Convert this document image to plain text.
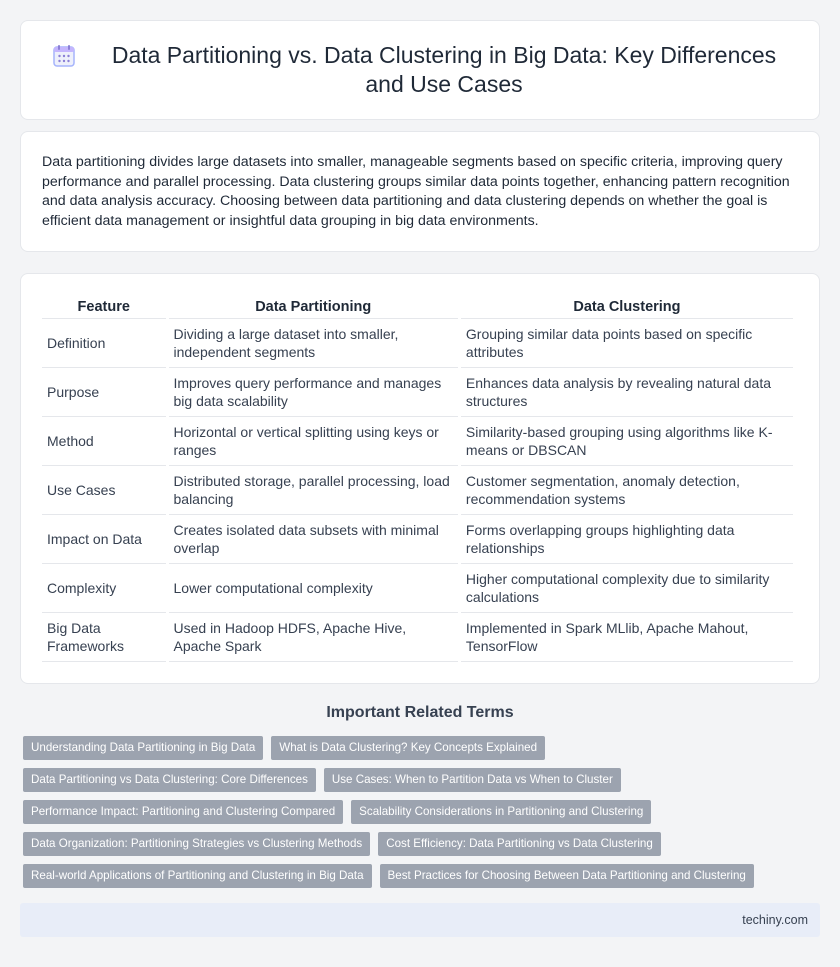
Data Partitioning vs. Data Clustering in Big Data: Key Differences and Use Cases

Data partitioning divides large datasets into smaller, manageable segments based on specific criteria, improving query performance and parallel processing. Data clustering groups similar data points together, enhancing pattern recognition and data analysis accuracy. Choosing between data partitioning and data clustering depends on whether the goal is efficient data management or insightful data grouping in big data environments.

Feature	Data Partitioning	Data Clustering
Definition	Dividing a large dataset into smaller, independent segments	Grouping similar data points based on specific attributes
Purpose	Improves query performance and manages big data scalability	Enhances data analysis by revealing natural data structures
Method	Horizontal or vertical splitting using keys or ranges	Similarity-based grouping using algorithms like K-means or DBSCAN
Use Cases	Distributed storage, parallel processing, load balancing	Customer segmentation, anomaly detection, recommendation systems
Impact on Data	Creates isolated data subsets with minimal overlap	Forms overlapping groups highlighting data relationships
Complexity	Lower computational complexity	Higher computational complexity due to similarity calculations
Big Data Frameworks	Used in Hadoop HDFS, Apache Hive, Apache Spark	Implemented in Spark MLlib, Apache Mahout, TensorFlow
Important Related Terms
Understanding Data Partitioning in Big Data	What is Data Clustering? Key Concepts Explained
Data Partitioning vs Data Clustering: Core Differences	Use Cases: When to Partition Data vs When to Cluster
Performance Impact: Partitioning and Clustering Compared	Scalability Considerations in Partitioning and Clustering
Data Organization: Partitioning Strategies vs Clustering Methods	Cost Efficiency: Data Partitioning vs Data Clustering
Real-world Applications of Partitioning and Clustering in Big Data	Best Practices for Choosing Between Data Partitioning and Clustering
techiny.com
